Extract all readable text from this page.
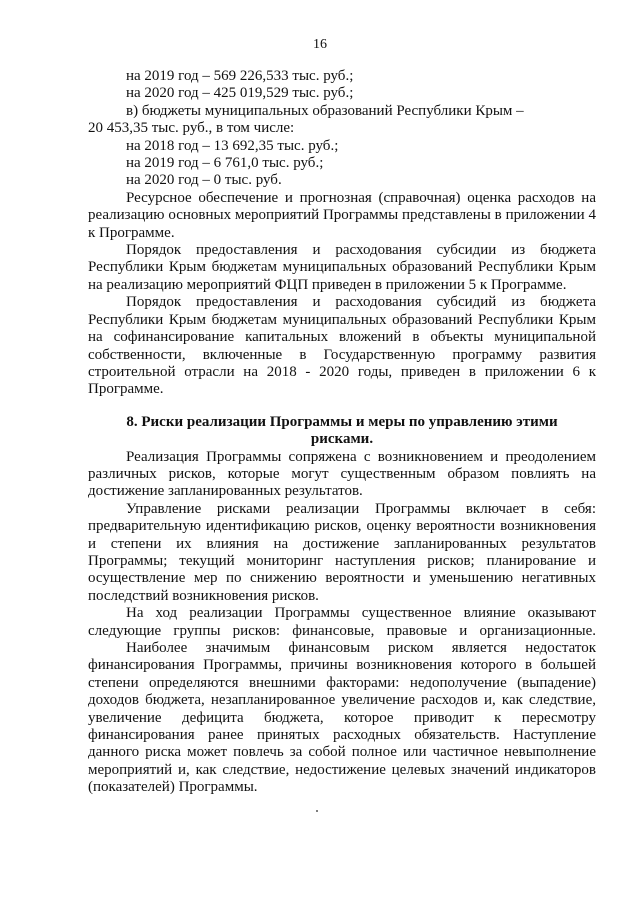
16

на 2019 год – 569 226,533 тыс. руб.;

на 2020 год – 425 019,529 тыс. руб.;

в) бюджеты муниципальных образований Республики Крым –

20 453,35 тыс. руб., в том числе:

на 2018 год – 13 692,35 тыс. руб.;

на 2019 год – 6 761,0 тыс. руб.;

на 2020 год – 0 тыс. руб.

Ресурсное обеспечение и прогнозная (справочная) оценка расходов на

реализацию основных мероприятий Программы представлены в приложении 4

к Программе.

Порядок предоставления и расходования субсидии из бюджета

Республики Крым бюджетам муниципальных образований Республики Крым

на реализацию мероприятий ФЦП приведен в приложении 5 к Программе.

Порядок предоставления и расходования субсидий из бюджета

Республики Крым бюджетам муниципальных образований Республики Крым

на софинансирование капитальных вложений в объекты муниципальной

собственности, включенные в Государственную программу развития

строительной отрасли на 2018 - 2020 годы, приведен в приложении 6 к

Программе.

8. Риски реализации Программы и меры по управлению этими

рисками.

Реализация Программы сопряжена с возникновением и преодолением

различных рисков, которые могут существенным образом повлиять на

достижение запланированных результатов.

Управление рисками реализации Программы включает в себя:

предварительную идентификацию рисков, оценку вероятности возникновения

и степени их влияния на достижение запланированных результатов

Программы; текущий мониторинг наступления рисков; планирование и

осуществление мер по снижению вероятности и уменьшению негативных

последствий возникновения рисков.

На ход реализации Программы существенное влияние оказывают

следующие группы рисков: финансовые, правовые и организационные.

Наиболее значимым финансовым риском является недостаток

финансирования Программы, причины возникновения которого в большей

степени определяются внешними факторами: недополучение (выпадение)

доходов бюджета, незапланированное увеличение расходов и, как следствие,

увеличение дефицита бюджета, которое приводит к пересмотру

финансирования ранее принятых расходных обязательств. Наступление

данного риска может повлечь за собой полное или частичное невыполнение

мероприятий и, как следствие, недостижение целевых значений индикаторов

(показателей) Программы.
